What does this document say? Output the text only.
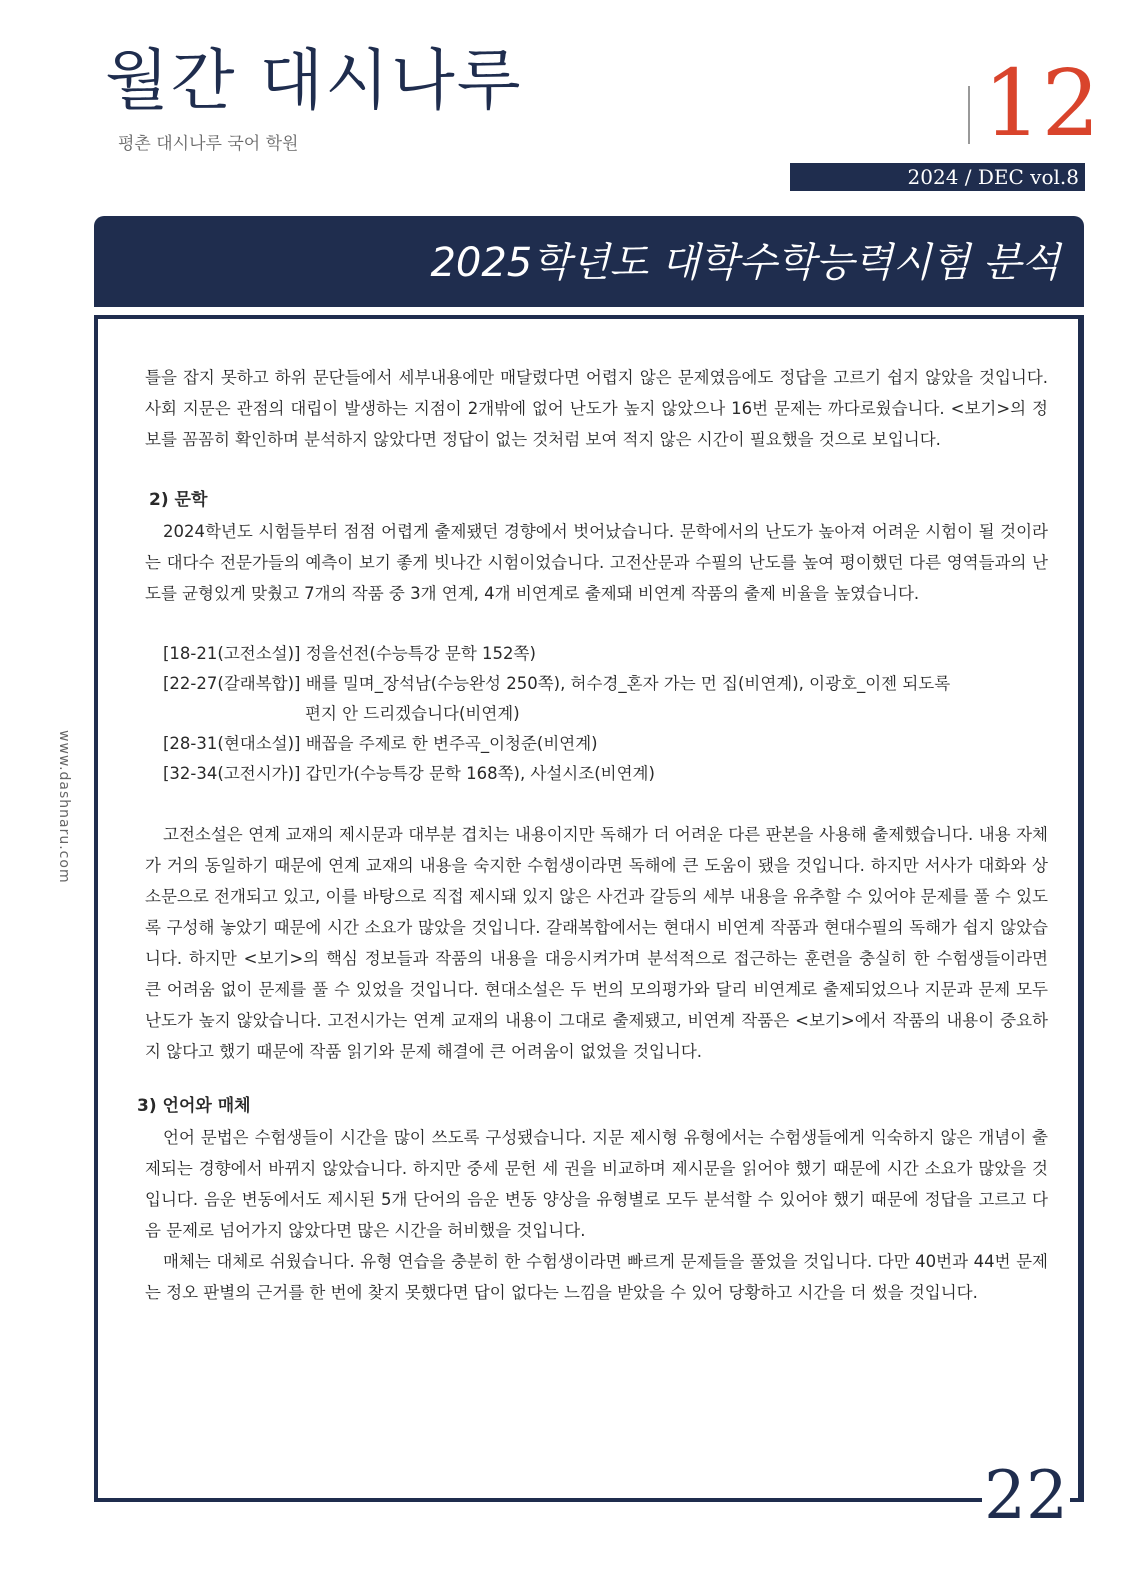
월간 대시나루
평촌 대시나루 국어 학원	12
2024 / DEC vol.8
2025학년도 대학수학능력시험 분석
www.dashnaru.com

틀을 잡지 못하고 하위 문단들에서 세부내용에만 매달렸다면 어렵지 않은 문제였음에도 정답을 고르기 쉽지 않았을 것입니다. 사회 지문은 관점의 대립이 발생하는 지점이 2개밖에 없어 난도가 높지 않았으나 16번 문제는 까다로웠습니다. <보기>의 정보를 꼼꼼히 확인하며 분석하지 않았다면 정답이 없는 것처럼 보여 적지 않은 시간이 필요했을 것으로 보입니다.

2) 문학

2024학년도 시험들부터 점점 어렵게 출제됐던 경향에서 벗어났습니다. 문학에서의 난도가 높아져 어려운 시험이 될 것이라는 대다수 전문가들의 예측이 보기 좋게 빗나간 시험이었습니다. 고전산문과 수필의 난도를 높여 평이했던 다른 영역들과의 난도를 균형있게 맞췄고 7개의 작품 중 3개 연계, 4개 비연계로 출제돼 비연계 작품의 출제 비율을 높였습니다.

[18-21(고전소설)] 정을선전(수능특강 문학 152쪽)
[22-27(갈래복합)] 배를 밀며_장석남(수능완성 250쪽), 허수경_혼자 가는 먼 집(비연계), 이광호_이젠 되도록
편지 안 드리겠습니다(비연계)
[28-31(현대소설)] 배꼽을 주제로 한 변주곡_이청준(비연계)
[32-34(고전시가)] 갑민가(수능특강 문학 168쪽), 사설시조(비연계)

고전소설은 연계 교재의 제시문과 대부분 겹치는 내용이지만 독해가 더 어려운 다른 판본을 사용해 출제했습니다. 내용 자체가 거의 동일하기 때문에 연계 교재의 내용을 숙지한 수험생이라면 독해에 큰 도움이 됐을 것입니다. 하지만 서사가 대화와 상소문으로 전개되고 있고, 이를 바탕으로 직접 제시돼 있지 않은 사건과 갈등의 세부 내용을 유추할 수 있어야 문제를 풀 수 있도록 구성해 놓았기 때문에 시간 소요가 많았을 것입니다. 갈래복합에서는 현대시 비연계 작품과 현대수필의 독해가 쉽지 않았습니다. 하지만 <보기>의 핵심 정보들과 작품의 내용을 대응시켜가며 분석적으로 접근하는 훈련을 충실히 한 수험생들이라면 큰 어려움 없이 문제를 풀 수 있었을 것입니다. 현대소설은 두 번의 모의평가와 달리 비연계로 출제되었으나 지문과 문제 모두 난도가 높지 않았습니다. 고전시가는 연계 교재의 내용이 그대로 출제됐고, 비연계 작품은 <보기>에서 작품의 내용이 중요하지 않다고 했기 때문에 작품 읽기와 문제 해결에 큰 어려움이 없었을 것입니다.

3) 언어와 매체

언어 문법은 수험생들이 시간을 많이 쓰도록 구성됐습니다. 지문 제시형 유형에서는 수험생들에게 익숙하지 않은 개념이 출제되는 경향에서 바뀌지 않았습니다. 하지만 중세 문헌 세 권을 비교하며 제시문을 읽어야 했기 때문에 시간 소요가 많았을 것입니다. 음운 변동에서도 제시된 5개 단어의 음운 변동 양상을 유형별로 모두 분석할 수 있어야 했기 때문에 정답을 고르고 다음 문제로 넘어가지 않았다면 많은 시간을 허비했을 것입니다.

매체는 대체로 쉬웠습니다. 유형 연습을 충분히 한 수험생이라면 빠르게 문제들을 풀었을 것입니다. 다만 40번과 44번 문제는 정오 판별의 근거를 한 번에 찾지 못했다면 답이 없다는 느낌을 받았을 수 있어 당황하고 시간을 더 썼을 것입니다.

22
